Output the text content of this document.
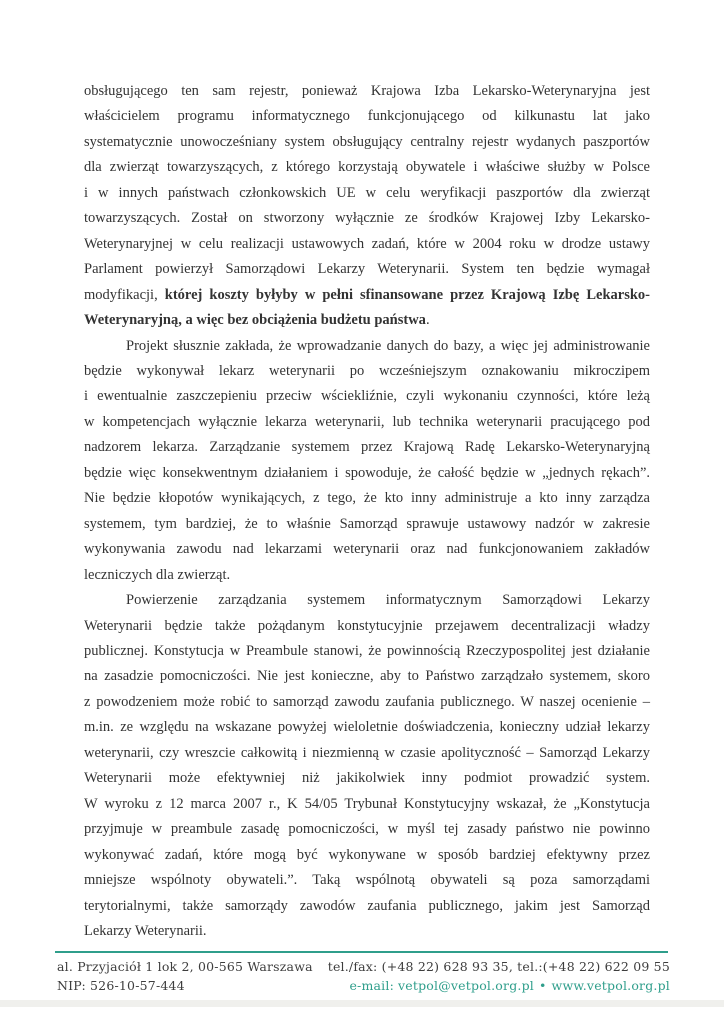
obsługującego ten sam rejestr, ponieważ Krajowa Izba Lekarsko-Weterynaryjna jest
właścicielem programu informatycznego funkcjonującego od kilkunastu lat jako
systematycznie unowocześniany system obsługujący centralny rejestr wydanych paszportów
dla zwierząt towarzyszących, z którego korzystają obywatele i właściwe służby w Polsce
i w innych państwach członkowskich UE w celu weryfikacji paszportów dla zwierząt
towarzyszących. Został on stworzony wyłącznie ze środków Krajowej Izby Lekarsko-
Weterynaryjnej w celu realizacji ustawowych zadań, które w 2004 roku w drodze ustawy
Parlament powierzył Samorządowi Lekarzy Weterynarii. System ten będzie wymagał
modyfikacji, której koszty byłyby w pełni sfinansowane przez Krajową Izbę Lekarsko-
Weterynaryjną, a więc bez obciążenia budżetu państwa.
Projekt słusznie zakłada, że wprowadzanie danych do bazy, a więc jej administrowanie
będzie wykonywał lekarz weterynarii po wcześniejszym oznakowaniu mikroczipem
i ewentualnie zaszczepieniu przeciw wściekliźnie, czyli wykonaniu czynności, które leżą
w kompetencjach wyłącznie lekarza weterynarii, lub technika weterynarii pracującego pod
nadzorem lekarza. Zarządzanie systemem przez Krajową Radę Lekarsko-Weterynaryjną
będzie więc konsekwentnym działaniem i spowoduje, że całość będzie w „jednych rękach”.
Nie będzie kłopotów wynikających, z tego, że kto inny administruje a kto inny zarządza
systemem, tym bardziej, że to właśnie Samorząd sprawuje ustawowy nadzór w zakresie
wykonywania zawodu nad lekarzami weterynarii oraz nad funkcjonowaniem zakładów
leczniczych dla zwierząt.
Powierzenie zarządzania systemem informatycznym Samorządowi Lekarzy
Weterynarii będzie także pożądanym konstytucyjnie przejawem decentralizacji władzy
publicznej. Konstytucja w Preambule stanowi, że powinnością Rzeczypospolitej jest działanie
na zasadzie pomocniczości. Nie jest konieczne, aby to Państwo zarządzało systemem, skoro
z powodzeniem może robić to samorząd zawodu zaufania publicznego. W naszej ocenienie –
m.in. ze względu na wskazane powyżej wieloletnie doświadczenia, konieczny udział lekarzy
weterynarii, czy wreszcie całkowitą i niezmienną w czasie apolityczność – Samorząd Lekarzy
Weterynarii może efektywniej niż jakikolwiek inny podmiot prowadzić system.
W wyroku z 12 marca 2007 r., K 54/05 Trybunał Konstytucyjny wskazał, że „Konstytucja
przyjmuje w preambule zasadę pomocniczości, w myśl tej zasady państwo nie powinno
wykonywać zadań, które mogą być wykonywane w sposób bardziej efektywny przez
mniejsze wspólnoty obywateli.”. Taką wspólnotą obywateli są poza samorządami
terytorialnymi, także samorządy zawodów zaufania publicznego, jakim jest Samorząd
Lekarzy Weterynarii.
al. Przyjaciół 1 lok 2, 00-565 Warszawa
NIP: 526-10-57-444
tel./fax: (+48 22) 628 93 35, tel.:(+48 22) 622 09 55
e-mail: vetpol@vetpol.org.pl • www.vetpol.org.pl
